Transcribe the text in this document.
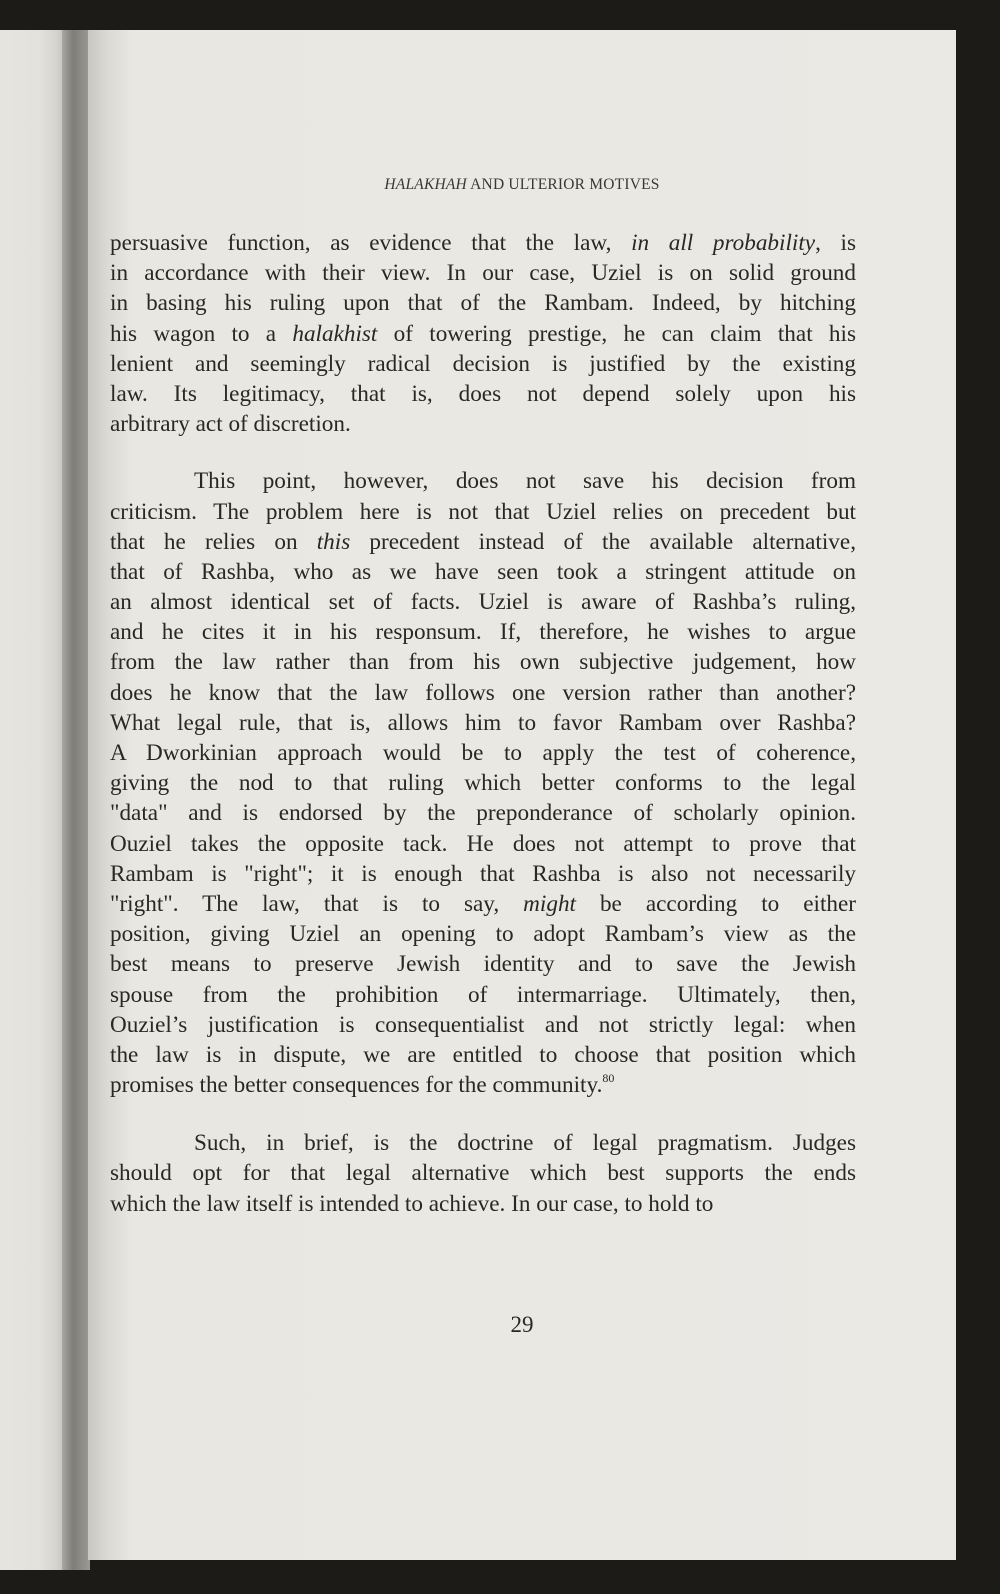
HALAKHAH AND ULTERIOR MOTIVES
persuasive function, as evidence that the law, in all probability, is
in accordance with their view. In our case, Uziel is on solid ground
in basing his ruling upon that of the Rambam. Indeed, by hitching
his wagon to a halakhist of towering prestige, he can claim that his
lenient and seemingly radical decision is justified by the existing
law. Its legitimacy, that is, does not depend solely upon his
arbitrary act of discretion.
This point, however, does not save his decision from
criticism. The problem here is not that Uziel relies on precedent but
that he relies on this precedent instead of the available alternative,
that of Rashba, who as we have seen took a stringent attitude on
an almost identical set of facts. Uziel is aware of Rashba’s ruling,
and he cites it in his responsum. If, therefore, he wishes to argue
from the law rather than from his own subjective judgement, how
does he know that the law follows one version rather than another?
What legal rule, that is, allows him to favor Rambam over Rashba?
A Dworkinian approach would be to apply the test of coherence,
giving the nod to that ruling which better conforms to the legal
"data" and is endorsed by the preponderance of scholarly opinion.
Ouziel takes the opposite tack. He does not attempt to prove that
Rambam is "right"; it is enough that Rashba is also not necessarily
"right". The law, that is to say, might be according to either
position, giving Uziel an opening to adopt Rambam’s view as the
best means to preserve Jewish identity and to save the Jewish
spouse from the prohibition of intermarriage. Ultimately, then,
Ouziel’s justification is consequentialist and not strictly legal: when
the law is in dispute, we are entitled to choose that position which
promises the better consequences for the community.$^{80}$
Such, in brief, is the doctrine of legal pragmatism. Judges
should opt for that legal alternative which best supports the ends
which the law itself is intended to achieve. In our case, to hold to
29
